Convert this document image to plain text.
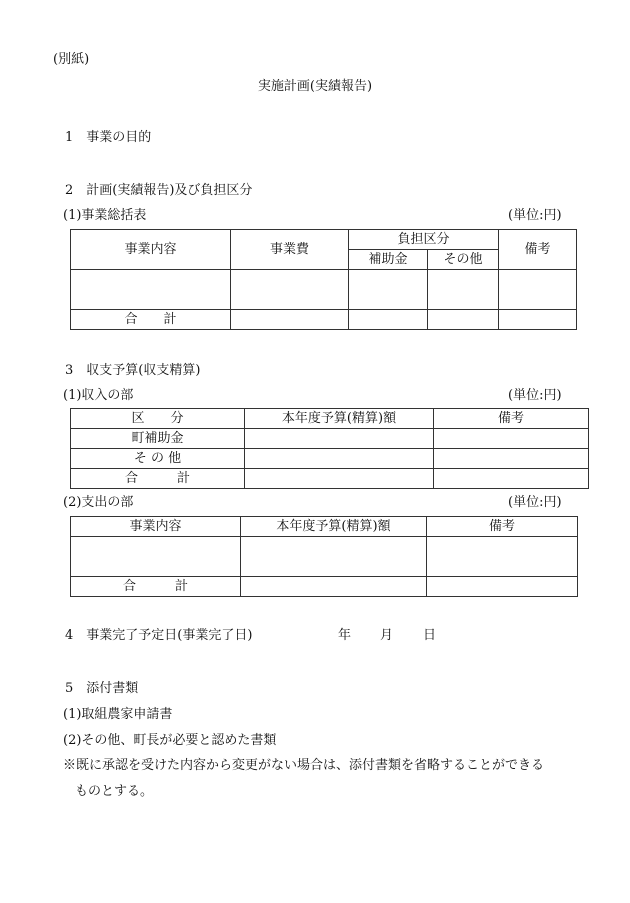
(別紙)
実施計画(実績報告)
1　事業の目的
2　計画(実績報告)及び負担区分
(1)事業総括表	(単位:円)
事業内容	事業費	負担区分		備考
		補助金	その他	

合　　計				
3　収支予算(収支精算)
(1)収入の部	(単位:円)
区　　分	本年度予算(精算)額	備考
町補助金		
そ の 他		
合　　　計		
(2)支出の部	(単位:円)
事業内容	本年度予算(精算)額	備考

合　　　計		
4　事業完了予定日(事業完了日)	年 月 日
5　添付書類
(1)取組農家申請書
(2)その他、町長が必要と認めた書類
※既に承認を受けた内容から変更がない場合は、添付書類を省略することができる
ものとする。
